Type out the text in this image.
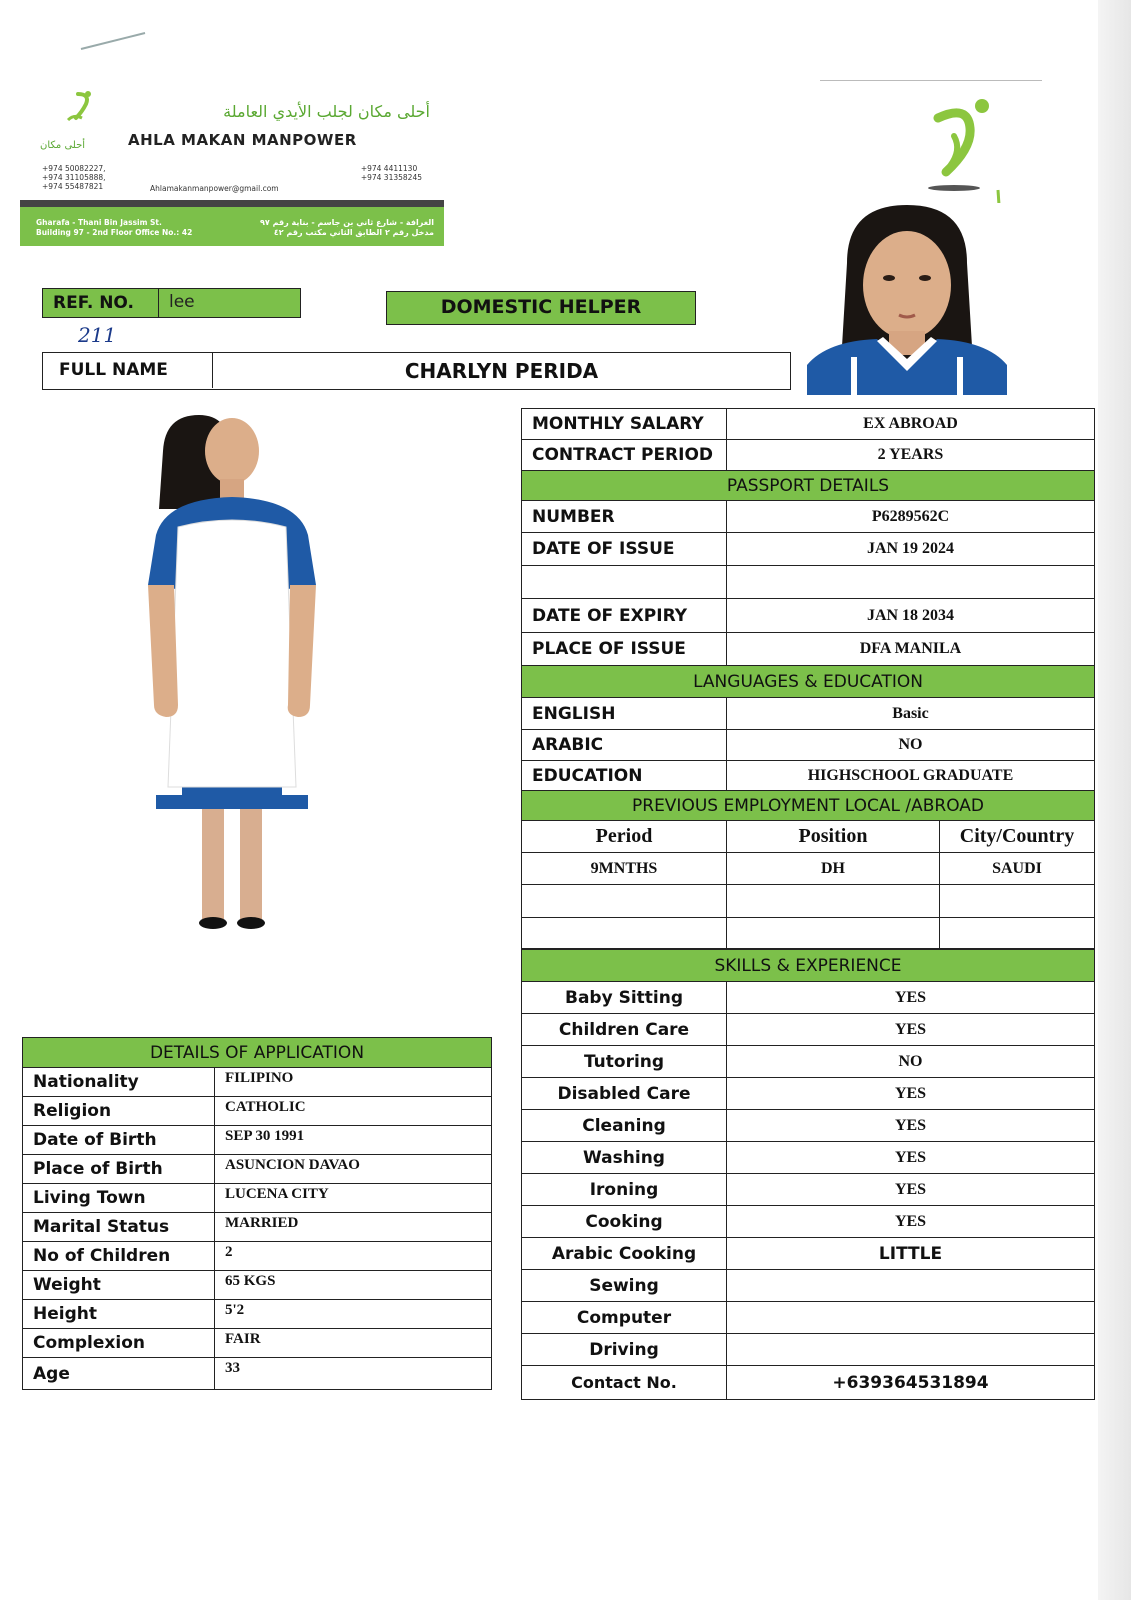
أحلى مكان
أحلى مكان لجلب الأيدي العاملة
AHLA MAKAN MANPOWER
+974 50082227,
+974 31105888,
+974 55487821
+974 4411130
+974 31358245
Ahlamakanmanpower@gmail.com
Gharafa - Thani Bin Jassim St.
Building 97 - 2nd Floor Office No.: 42
الغرافة - شارع ثاني بن جاسم - بناية رقم ٩٧
مدخل رقم ٢ الطابق الثاني مكتب رقم ٤٢
REF. NO.	lee
211
DOMESTIC HELPER
FULL NAME	CHARLYN PERIDA
MONTHLY SALARY	EX ABROAD	
CONTRACT PERIOD	2 YEARS	
PASSPORT DETAILS		
NUMBER	P6289562C	
DATE OF ISSUE	JAN 19 2024	

DATE OF EXPIRY	JAN 18 2034	
PLACE OF ISSUE	DFA MANILA	
LANGUAGES & EDUCATION		
ENGLISH	Basic	
ARABIC	NO	
EDUCATION	HIGHSCHOOL GRADUATE	
PREVIOUS EMPLOYMENT LOCAL /ABROAD		
Period	Position	City/Country
9MNTHS	DH	SAUDI

SKILLS & EXPERIENCE	
Baby Sitting	YES
Children Care	YES
Tutoring	NO
Disabled Care	YES
Cleaning	YES
Washing	YES
Ironing	YES
Cooking	YES
Arabic Cooking	LITTLE
Sewing	
Computer	
Driving	
Contact No.	+639364531894
DETAILS OF APPLICATION	
Nationality	FILIPINO
Religion	CATHOLIC
Date of Birth	SEP 30 1991
Place of Birth	ASUNCION DAVAO
Living Town	LUCENA CITY
Marital Status	MARRIED
No of Children	2
Weight	65 KGS
Height	5'2
Complexion	FAIR
Age	33
